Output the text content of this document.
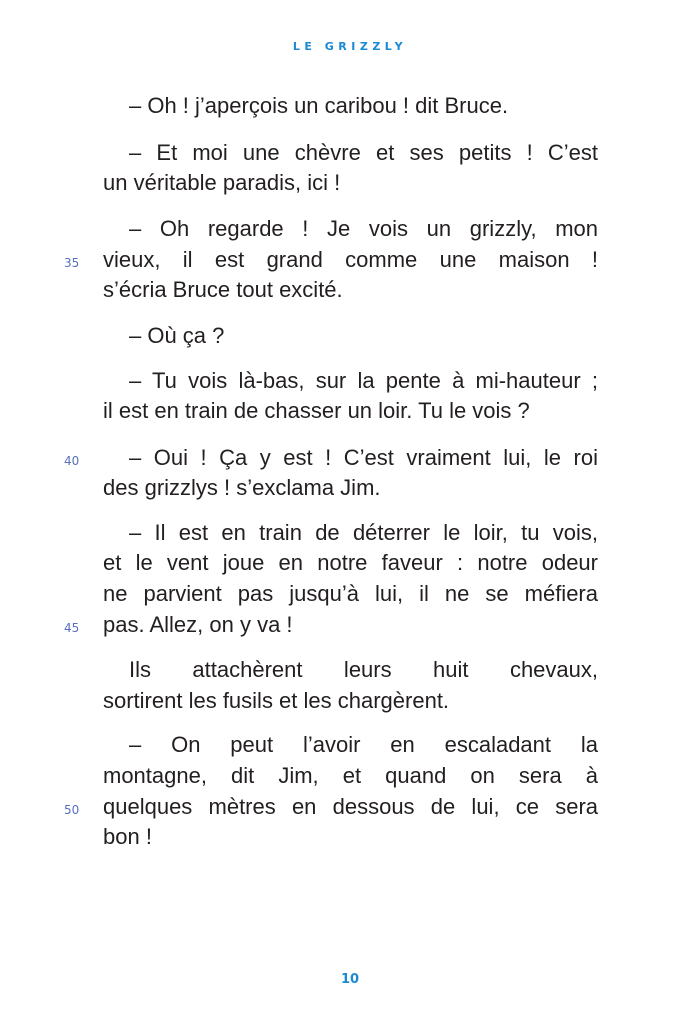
LE GRIZZLY
– Oh ! j’aperçois un caribou ! dit Bruce.
– Et moi une chèvre et ses petits ! C’est
un véritable paradis, ici !
– Oh regarde ! Je vois un grizzly, mon
vieux, il est grand comme une maison !
35
s’écria Bruce tout excité.
– Où ça ?
– Tu vois là-bas, sur la pente à mi-hauteur ;
il est en train de chasser un loir. Tu le vois ?
– Oui ! Ça y est ! C’est vraiment lui, le roi
40
des grizzlys ! s’exclama Jim.
– Il est en train de déterrer le loir, tu vois,
et le vent joue en notre faveur : notre odeur
ne parvient pas jusqu’à lui, il ne se méfiera
pas. Allez, on y va !
45
Ils attachèrent leurs huit chevaux,
sortirent les fusils et les chargèrent.
– On peut l’avoir en escaladant la
montagne, dit Jim, et quand on sera à
quelques mètres en dessous de lui, ce sera
50
bon !
10
